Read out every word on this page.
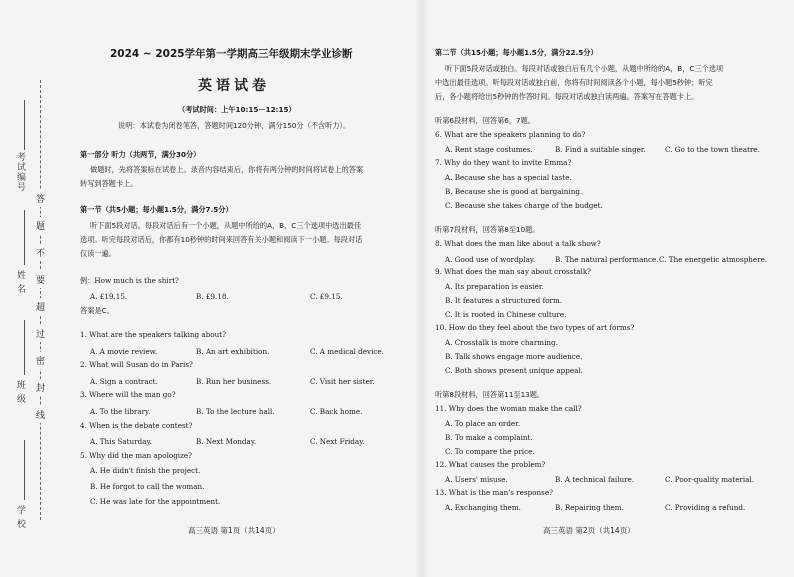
考试编号
姓 名
班 级
学 校
答
题
不
要
超
过
密
封
线
2024 ~ 2025学年第一学期高三年级期末学业诊断
英语试卷
（考试时间：上午10:15－12:15）
说明：本试卷为闭卷笔答，答题时间120分钟，满分150分（不含听力）。
第一部分 听力（共两节，满分30分）
做题时，先将答案标在试卷上。录音内容结束后，你将有两分钟的时间将试卷上的答案
转写到答题卡上。
第一节（共5小题；每小题1.5分，满分7.5分）
听下面5段对话。每段对话后有一个小题，从题中所给的A，B，C三个选项中选出最佳
选项。听完每段对话后，你都有10秒钟的时间来回答有关小题和阅读下一小题。每段对话
仅读一遍。
例：How much is the shirt?
A. £19.15.	B. £9.18.	C. £9.15.
答案是C。
1. What are the speakers talking about?
A. A movie review.	B. An art exhibition.	C. A medical device.
2. What will Susan do in Paris?
A. Sign a contract.	B. Run her business.	C. Visit her sister.
3. Where will the man go?
A. To the library.	B. To the lecture hall.	C. Back home.
4. When is the debate contest?
A. This Saturday.	B. Next Monday.	C. Next Friday.
5. Why did the man apologize?
A. He didn't finish the project.
B. He forgot to call the woman.
C. He was late for the appointment.
高三英语 第1页（共14页）
第二节（共15小题；每小题1.5分，满分22.5分）
听下面5段对话或独白。每段对话或独白后有几个小题，从题中所给的A，B，C三个选项
中选出最佳选项。听每段对话或独白前，你将有时间阅读各个小题，每小题5秒钟；听完
后，各小题将给出5秒钟的作答时间。每段对话或独白读两遍。答案写在答题卡上。
听第6段材料，回答第6，7题。
6. What are the speakers planning to do?
A. Rent stage costumes.	B. Find a suitable singer.	C. Go to the town theatre.
7. Why do they want to invite Emma?
A. Because she has a special taste.
B. Because she is good at bargaining.
C. Because she takes charge of the budget.
听第7段材料，回答第8至10题。
8. What does the man like about a talk show?
A. Good use of wordplay.	B. The natural performance. C. The energetic atmosphere.
9. What does the man say about crosstalk?
A. Its preparation is easier.
B. It features a structured form.
C. It is rooted in Chinese culture.
10. How do they feel about the two types of art forms?
A. Crosstalk is more charming.
B. Talk shows engage more audience.
C. Both shows present unique appeal.
听第8段材料，回答第11至13题。
11. Why does the woman make the call?
A. To place an order.
B. To make a complaint.
C. To compare the price.
12. What causes the problem?
A. Users' misuse.	B. A technical failure.	C. Poor-quality material.
13. What is the man's response?
A. Exchanging them.	B. Repairing them.	C. Providing a refund.
高三英语 第2页（共14页）
